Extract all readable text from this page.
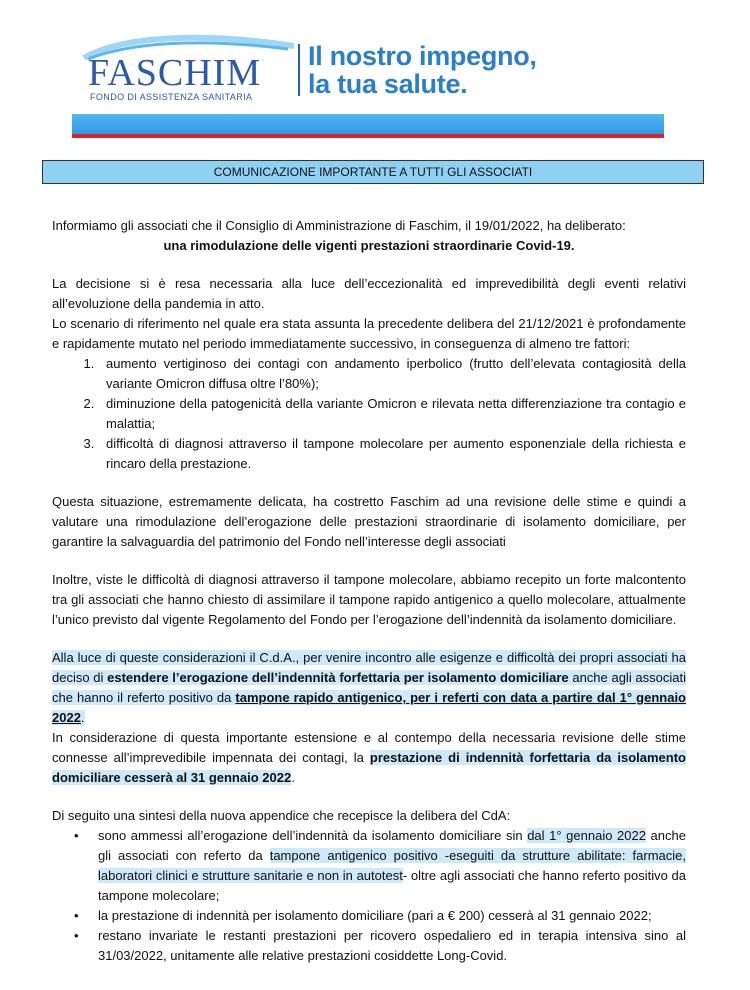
FASCHIM
FONDO DI ASSISTENZA SANITARIA
Il nostro impegno,
la tua salute.
COMUNICAZIONE IMPORTANTE A TUTTI GLI ASSOCIATI

Informiamo gli associati che il Consiglio di Amministrazione di Faschim, il 19/01/2022, ha deliberato:

una rimodulazione delle vigenti prestazioni straordinarie Covid-19.

La decisione si è resa necessaria alla luce dell’eccezionalità ed imprevedibilità degli eventi relativi all’evoluzione della pandemia in atto.

Lo scenario di riferimento nel quale era stata assunta la precedente delibera del 21/12/2021 è profondamente e rapidamente mutato nel periodo immediatamente successivo, in conseguenza di almeno tre fattori:

1. aumento vertiginoso dei contagi con andamento iperbolico (frutto dell’elevata contagiosità della variante Omicron diffusa oltre l’80%);
2. diminuzione della patogenicità della variante Omicron e rilevata netta differenziazione tra contagio e malattia;
3. difficoltà di diagnosi attraverso il tampone molecolare per aumento esponenziale della richiesta e rincaro della prestazione.

Questa situazione, estremamente delicata, ha costretto Faschim ad una revisione delle stime e quindi a valutare una rimodulazione dell’erogazione delle prestazioni straordinarie di isolamento domiciliare, per garantire la salvaguardia del patrimonio del Fondo nell’interesse degli associati

Inoltre, viste le difficoltà di diagnosi attraverso il tampone molecolare, abbiamo recepito un forte malcontento tra gli associati che hanno chiesto di assimilare il tampone rapido antigenico a quello molecolare, attualmente l’unico previsto dal vigente Regolamento del Fondo per l’erogazione dell’indennità da isolamento domiciliare.

Alla luce di queste considerazioni il C.d.A., per venire incontro alle esigenze e difficoltà dei propri associati ha deciso di estendere l’erogazione dell’indennità forfettaria per isolamento domiciliare anche agli associati che hanno il referto positivo da tampone rapido antigenico, per i referti con data a partire dal 1° gennaio 2022.

In considerazione di questa importante estensione e al contempo della necessaria revisione delle stime connesse all’imprevedibile impennata dei contagi, la prestazione di indennità forfettaria da isolamento domiciliare cesserà al 31 gennaio 2022.

Di seguito una sintesi della nuova appendice che recepisce la delibera del CdA:

• sono ammessi all’erogazione dell’indennità da isolamento domiciliare sin dal 1° gennaio 2022 anche gli associati con referto da tampone antigenico positivo -eseguiti da strutture abilitate: farmacie, laboratori clinici e strutture sanitarie e non in autotest- oltre agli associati che hanno referto positivo da tampone molecolare;
• la prestazione di indennità per isolamento domiciliare (pari a € 200) cesserà al 31 gennaio 2022;
• restano invariate le restanti prestazioni per ricovero ospedaliero ed in terapia intensiva sino al 31/03/2022, unitamente alle relative prestazioni cosiddette Long-Covid.
